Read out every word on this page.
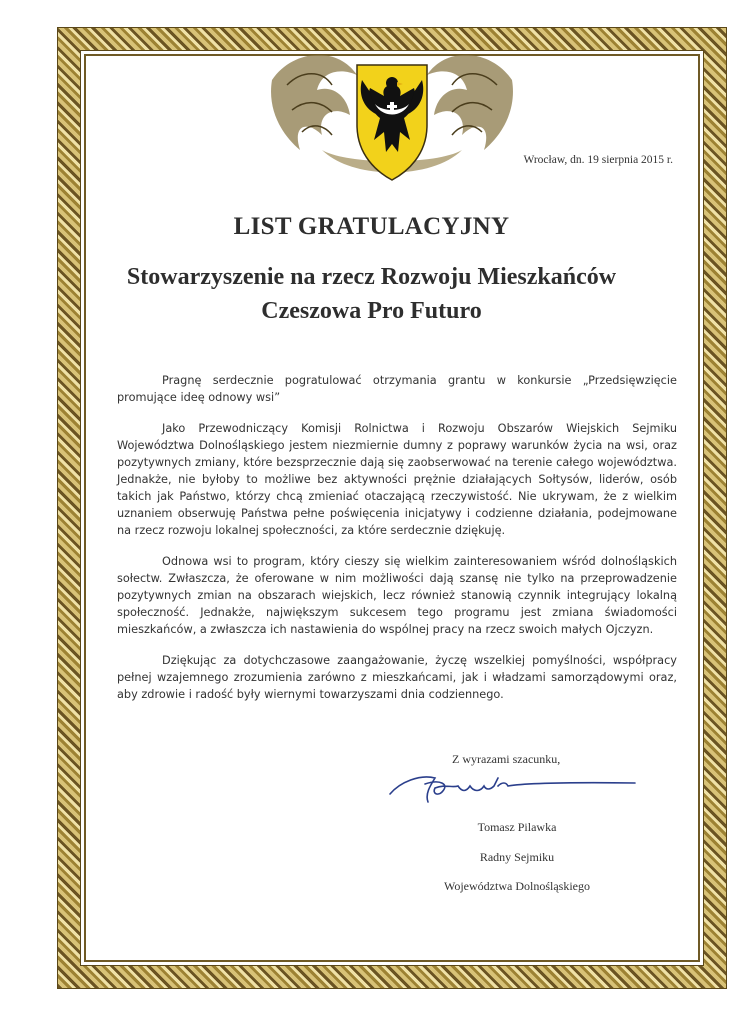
Wrocław, dn. 19 sierpnia 2015 r.
LIST GRATULACYJNY
Stowarzyszenie na rzecz Rozwoju Mieszkańców
Czeszowa Pro Futuro

Pragnę serdecznie pogratulować otrzymania grantu w konkursie „Przedsięwzięcie promujące ideę odnowy wsi”

Jako Przewodniczący Komisji Rolnictwa i Rozwoju Obszarów Wiejskich Sejmiku Województwa Dolnośląskiego jestem niezmiernie dumny z poprawy warunków życia na wsi, oraz pozytywnych zmiany, które bezsprzecznie dają się zaobserwować na terenie całego województwa. Jednakże, nie byłoby to możliwe bez aktywności prężnie działających Sołtysów, liderów, osób takich jak Państwo, którzy chcą zmieniać otaczającą rzeczywistość. Nie ukrywam, że z wielkim uznaniem obserwuję Państwa pełne poświęcenia inicjatywy i codzienne działania, podejmowane na rzecz rozwoju lokalnej społeczności, za które serdecznie dziękuję.

Odnowa wsi to program, który cieszy się wielkim zainteresowaniem wśród dolnośląskich sołectw. Zwłaszcza, że oferowane w nim możliwości dają szansę nie tylko na przeprowadzenie pozytywnych zmian na obszarach wiejskich, lecz również stanowią czynnik integrujący lokalną społeczność. Jednakże, największym sukcesem tego programu jest zmiana świadomości mieszkańców, a zwłaszcza ich nastawienia do wspólnej pracy na rzecz swoich małych Ojczyzn.

Dziękując za dotychczasowe zaangażowanie, życzę wszelkiej pomyślności, współpracy pełnej wzajemnego zrozumienia zarówno z mieszkańcami, jak i władzami samorządowymi oraz, aby zdrowie i radość były wiernymi towarzyszami dnia codziennego.

Z wyrazami szacunku,
Tomasz Pilawka
Radny Sejmiku
Województwa Dolnośląskiego
